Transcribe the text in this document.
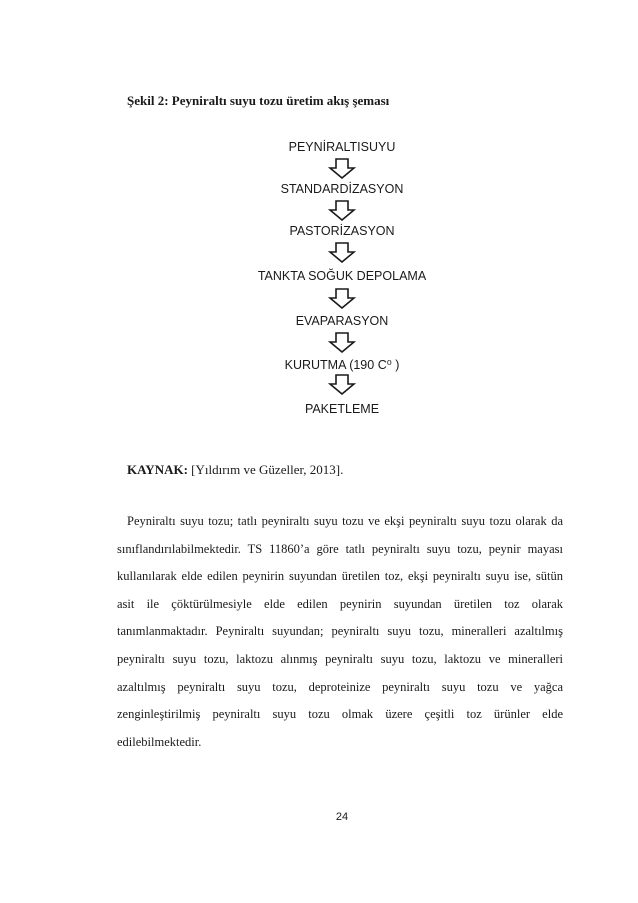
Şekil 2: Peyniraltı suyu tozu üretim akış şeması
PEYNİRALTISUYU
STANDARDİZASYON
PASTORİZASYON
TANKTA SOĞUK DEPOLAMA
EVAPARASYON
KURUTMA (190 C⁰ )
PAKETLEME
KAYNAK: [Yıldırım ve Güzeller, 2013].
Peyniraltı suyu tozu; tatlı peyniraltı suyu tozu ve ekşi peyniraltı suyu tozu olarak da sınıflandırılabilmektedir. TS 11860’a göre tatlı peyniraltı suyu tozu, peynir mayası kullanılarak elde edilen peynirin suyundan üretilen toz, ekşi peyniraltı suyu ise, sütün asit ile çöktürülmesiyle elde edilen peynirin suyundan üretilen toz olarak tanımlanmaktadır. Peyniraltı suyundan; peyniraltı suyu tozu, mineralleri azaltılmış peyniraltı suyu tozu, laktozu alınmış peyniraltı suyu tozu, laktozu ve mineralleri azaltılmış peyniraltı suyu tozu, deproteinize peyniraltı suyu tozu ve yağca zenginleştirilmiş peyniraltı suyu tozu olmak üzere çeşitli toz ürünler elde edilebilmektedir.
24
